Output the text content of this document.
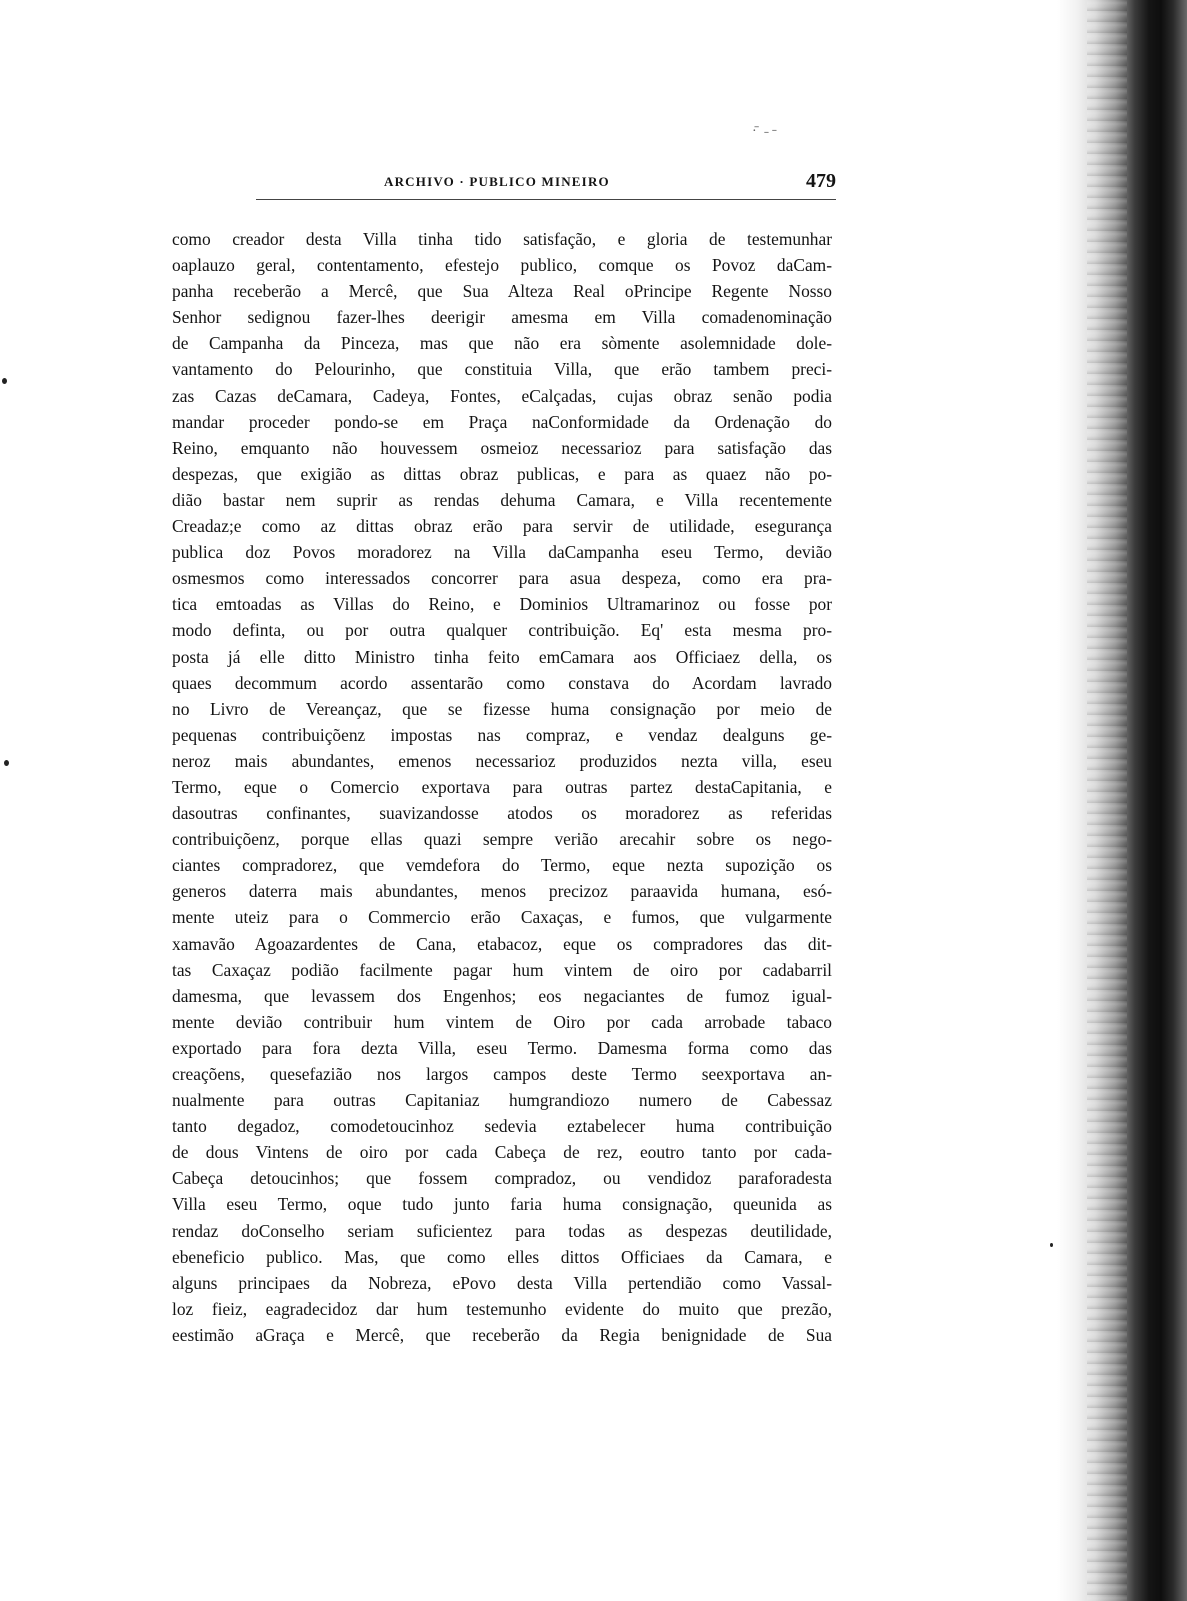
·̄ ˗ ̵
ARCHIVO · PUBLICO MINEIRO	479
como creador desta Villa tinha tido satisfação, e gloria de testemunhar
oaplauzo geral, contentamento, efestejo publico, comque os Povoz daCam-
panha receberão a Mercê, que Sua Alteza Real oPrincipe Regente Nosso
Senhor sedignou fazer-lhes deerigir amesma em Villa comadenominação
de Campanha da Pinceza, mas que não era sòmente asolemnidade dole-
vantamento do Pelourinho, que constituia Villa, que erão tambem preci-
zas Cazas deCamara, Cadeya, Fontes, eCalçadas, cujas obraz senão podia
mandar proceder pondo-se em Praça naConformidade da Ordenação do
Reino, emquanto não houvessem osmeioz necessarioz para satisfação das
despezas, que exigião as dittas obraz publicas, e para as quaez não po-
dião bastar nem suprir as rendas dehuma Camara, e Villa recentemente
Creadaz;e como az dittas obraz erão para servir de utilidade, esegurança
publica doz Povos moradorez na Villa daCampanha eseu Termo, devião
osmesmos como interessados concorrer para asua despeza, como era pra-
tica emtoadas as Villas do Reino, e Dominios Ultramarinoz ou fosse por
modo definta, ou por outra qualquer contribuição. Eq' esta mesma pro-
posta já elle ditto Ministro tinha feito emCamara aos Officiaez della, os
quaes decommum acordo assentarão como constava do Acordam lavrado
no Livro de Vereançaz, que se fizesse huma consignação por meio de
pequenas contribuiçõenz impostas nas compraz, e vendaz dealguns ge-
neroz mais abundantes, emenos necessarioz produzidos nezta villa, eseu
Termo, eque o Comercio exportava para outras partez destaCapitania, e
dasoutras confinantes, suavizandosse atodos os moradorez as referidas
contribuiçõenz, porque ellas quazi sempre verião arecahir sobre os nego-
ciantes compradorez, que vemdefora do Termo, eque nezta supozição os
generos daterra mais abundantes, menos precizoz paraavida humana, esó-
mente uteiz para o Commercio erão Caxaças, e fumos, que vulgarmente
xamavão Agoazardentes de Cana, etabacoz, eque os compradores das dit-
tas Caxaçaz podião facilmente pagar hum vintem de oiro por cadabarril
damesma, que levassem dos Engenhos; eos negaciantes de fumoz igual-
mente devião contribuir hum vintem de Oiro por cada arrobade tabaco
exportado para fora dezta Villa, eseu Termo. Damesma forma como das
creaçõens, quesefazião nos largos campos deste Termo seexportava an-
nualmente para outras Capitaniaz humgrandiozo numero de Cabessaz
tanto degadoz, comodetoucinhoz sedevia eztabelecer huma contribuição
de dous Vintens de oiro por cada Cabeça de rez, eoutro tanto por cada-
Cabeça detoucinhos; que fossem compradoz, ou vendidoz paraforadesta
Villa eseu Termo, oque tudo junto faria huma consignação, queunida as
rendaz doConselho seriam suficientez para todas as despezas deutilidade,
ebeneficio publico. Mas, que como elles dittos Officiaes da Camara, e
alguns principaes da Nobreza, ePovo desta Villa pertendião como Vassal-
loz fieiz, eagradecidoz dar hum testemunho evidente do muito que prezão,
eestimão aGraça e Mercê, que receberão da Regia benignidade de Sua
